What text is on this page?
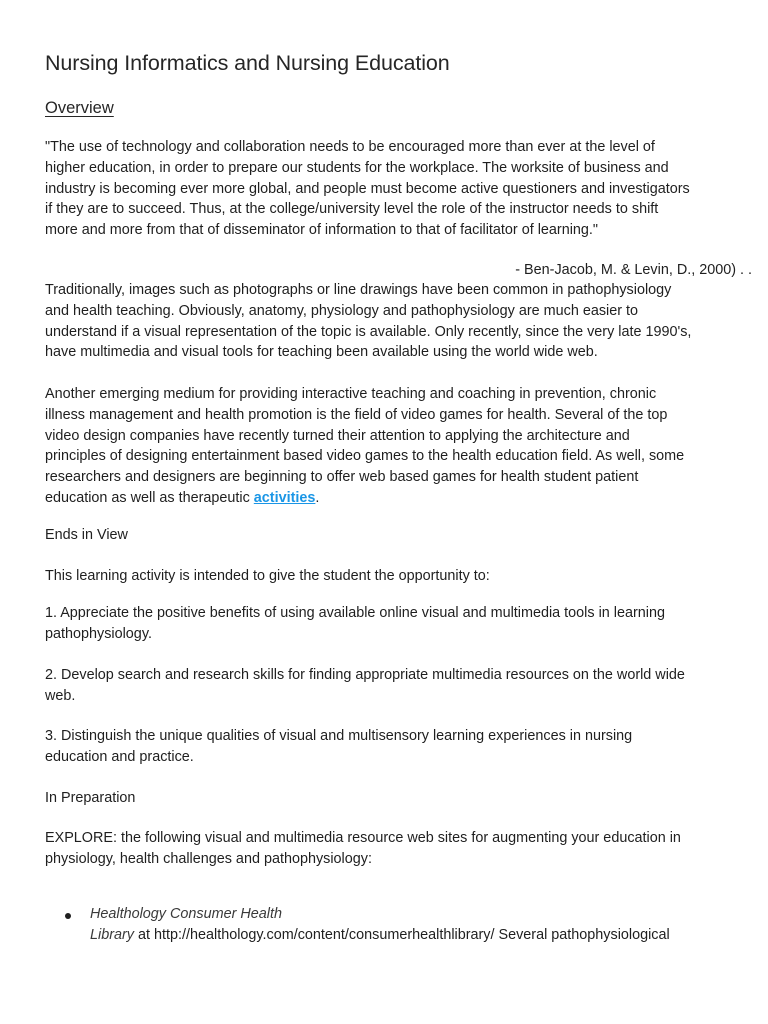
Nursing Informatics and Nursing Education
Overview
"The use of technology and collaboration needs to be encouraged more than ever at the level of
higher education, in order to prepare our students for the workplace. The worksite of business and
industry is becoming ever more global, and people must become active questioners and investigators
if they are to succeed. Thus, at the college/university level the role of the instructor needs to shift
more and more from that of disseminator of information to that of facilitator of learning."
- Ben-Jacob, M. & Levin, D., 2000) . .
Traditionally, images such as photographs or line drawings have been common in pathophysiology
and health teaching. Obviously, anatomy, physiology and pathophysiology are much easier to
understand if a visual representation of the topic is available. Only recently, since the very late 1990's,
have multimedia and visual tools for teaching been available using the world wide web.
Another emerging medium for providing interactive teaching and coaching in prevention, chronic
illness management and health promotion is the field of video games for health. Several of the top
video design companies have recently turned their attention to applying the architecture and
principles of designing entertainment based video games to the health education field. As well, some
researchers and designers are beginning to offer web based games for health student patient
education as well as therapeutic activities.
Ends in View
This learning activity is intended to give the student the opportunity to:
1. Appreciate the positive benefits of using available online visual and multimedia tools in learning
pathophysiology.
2. Develop search and research skills for finding appropriate multimedia resources on the world wide
web.
3. Distinguish the unique qualities of visual and multisensory learning experiences in nursing
education and practice.
In Preparation
EXPLORE: the following visual and multimedia resource web sites for augmenting your education in
physiology, health challenges and pathophysiology:
Healthology Consumer Health
Library at http://healthology.com/content/consumerhealthlibrary/ Several pathophysiological
